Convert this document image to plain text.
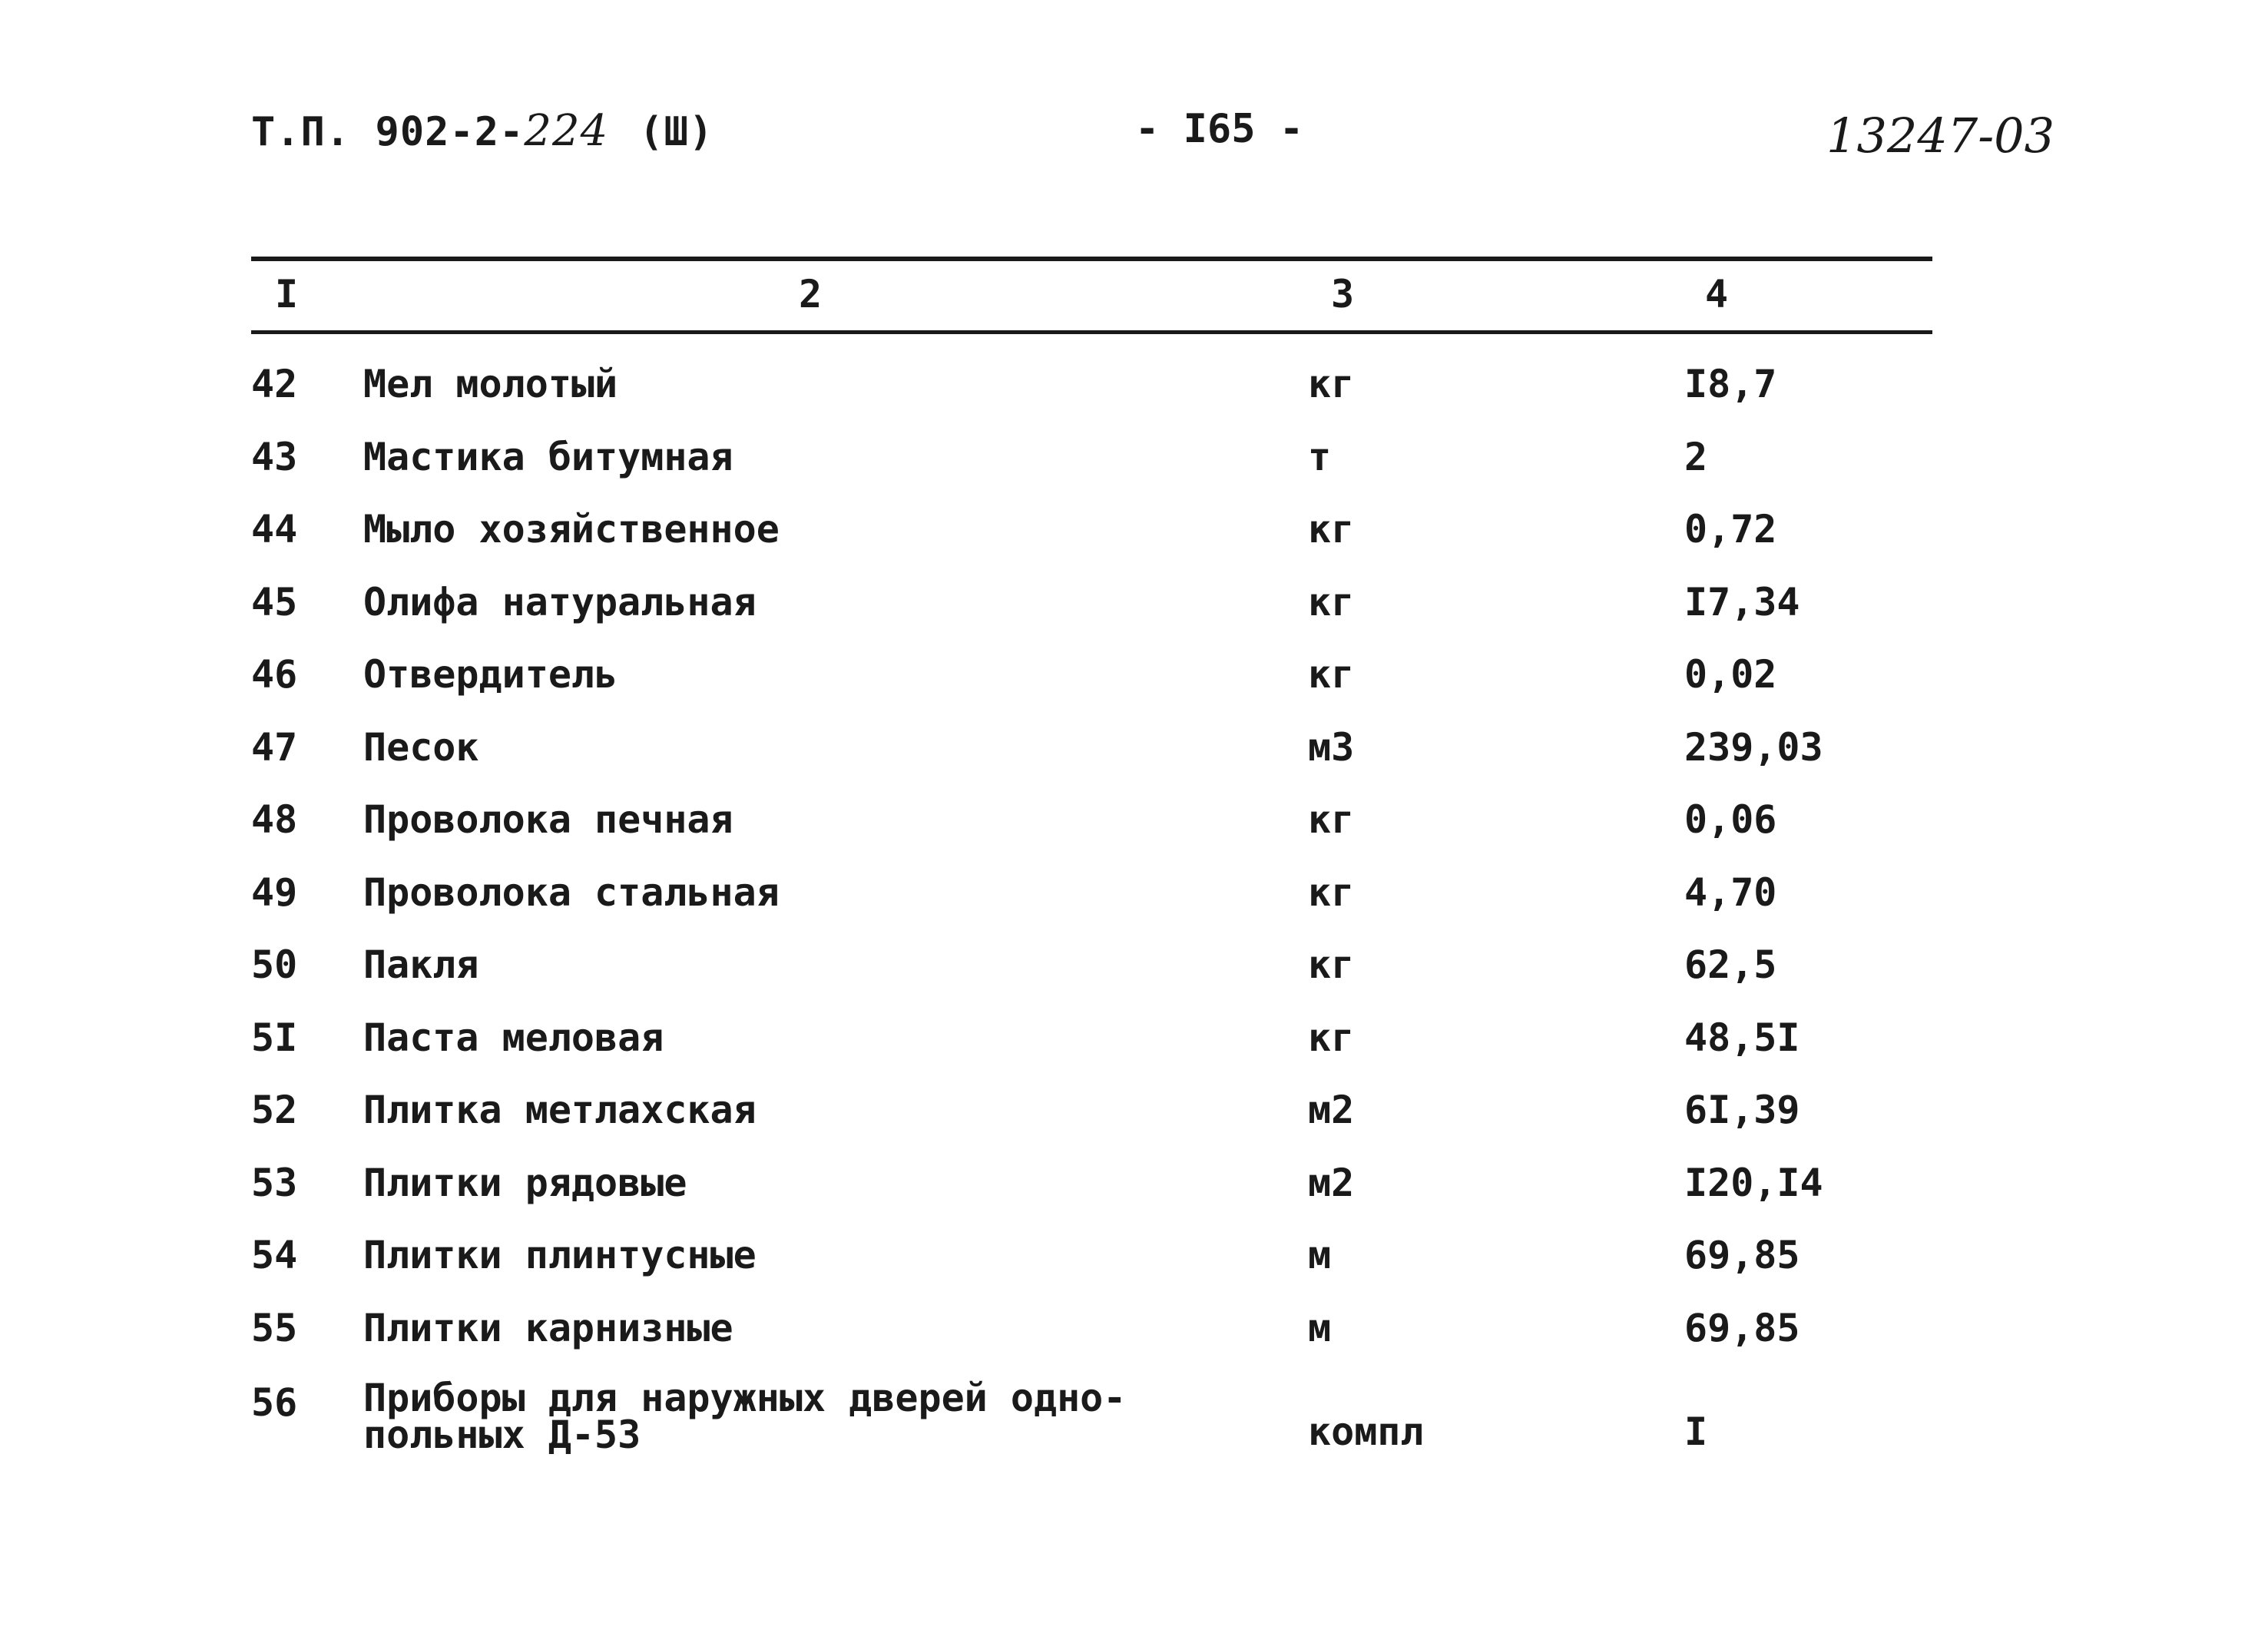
Т.П. 902-2-224 (Ш)	- I65 -	13247-03
I	2	3	4
42 Мел молотый	кг	I8,7
43 Мастика битумная	т	2
44 Мыло хозяйственное	кг	0,72
45 Олифа натуральная	кг	I7,34
46 Отвердитель	кг	0,02
47 Песок	м3	239,03
48 Проволока печная	кг	0,06
49 Проволока стальная	кг	4,70
50 Пакля	кг	62,5
5I Паста меловая	кг	48,5I
52 Плитка метлахская	м2	6I,39
53 Плитки рядовые	м2	I20,I4
54 Плитки плинтусные	м	69,85
55 Плитки карнизные	м	69,85
56 Приборы для наружных дверей одно-
польных Д-53	компл	I
